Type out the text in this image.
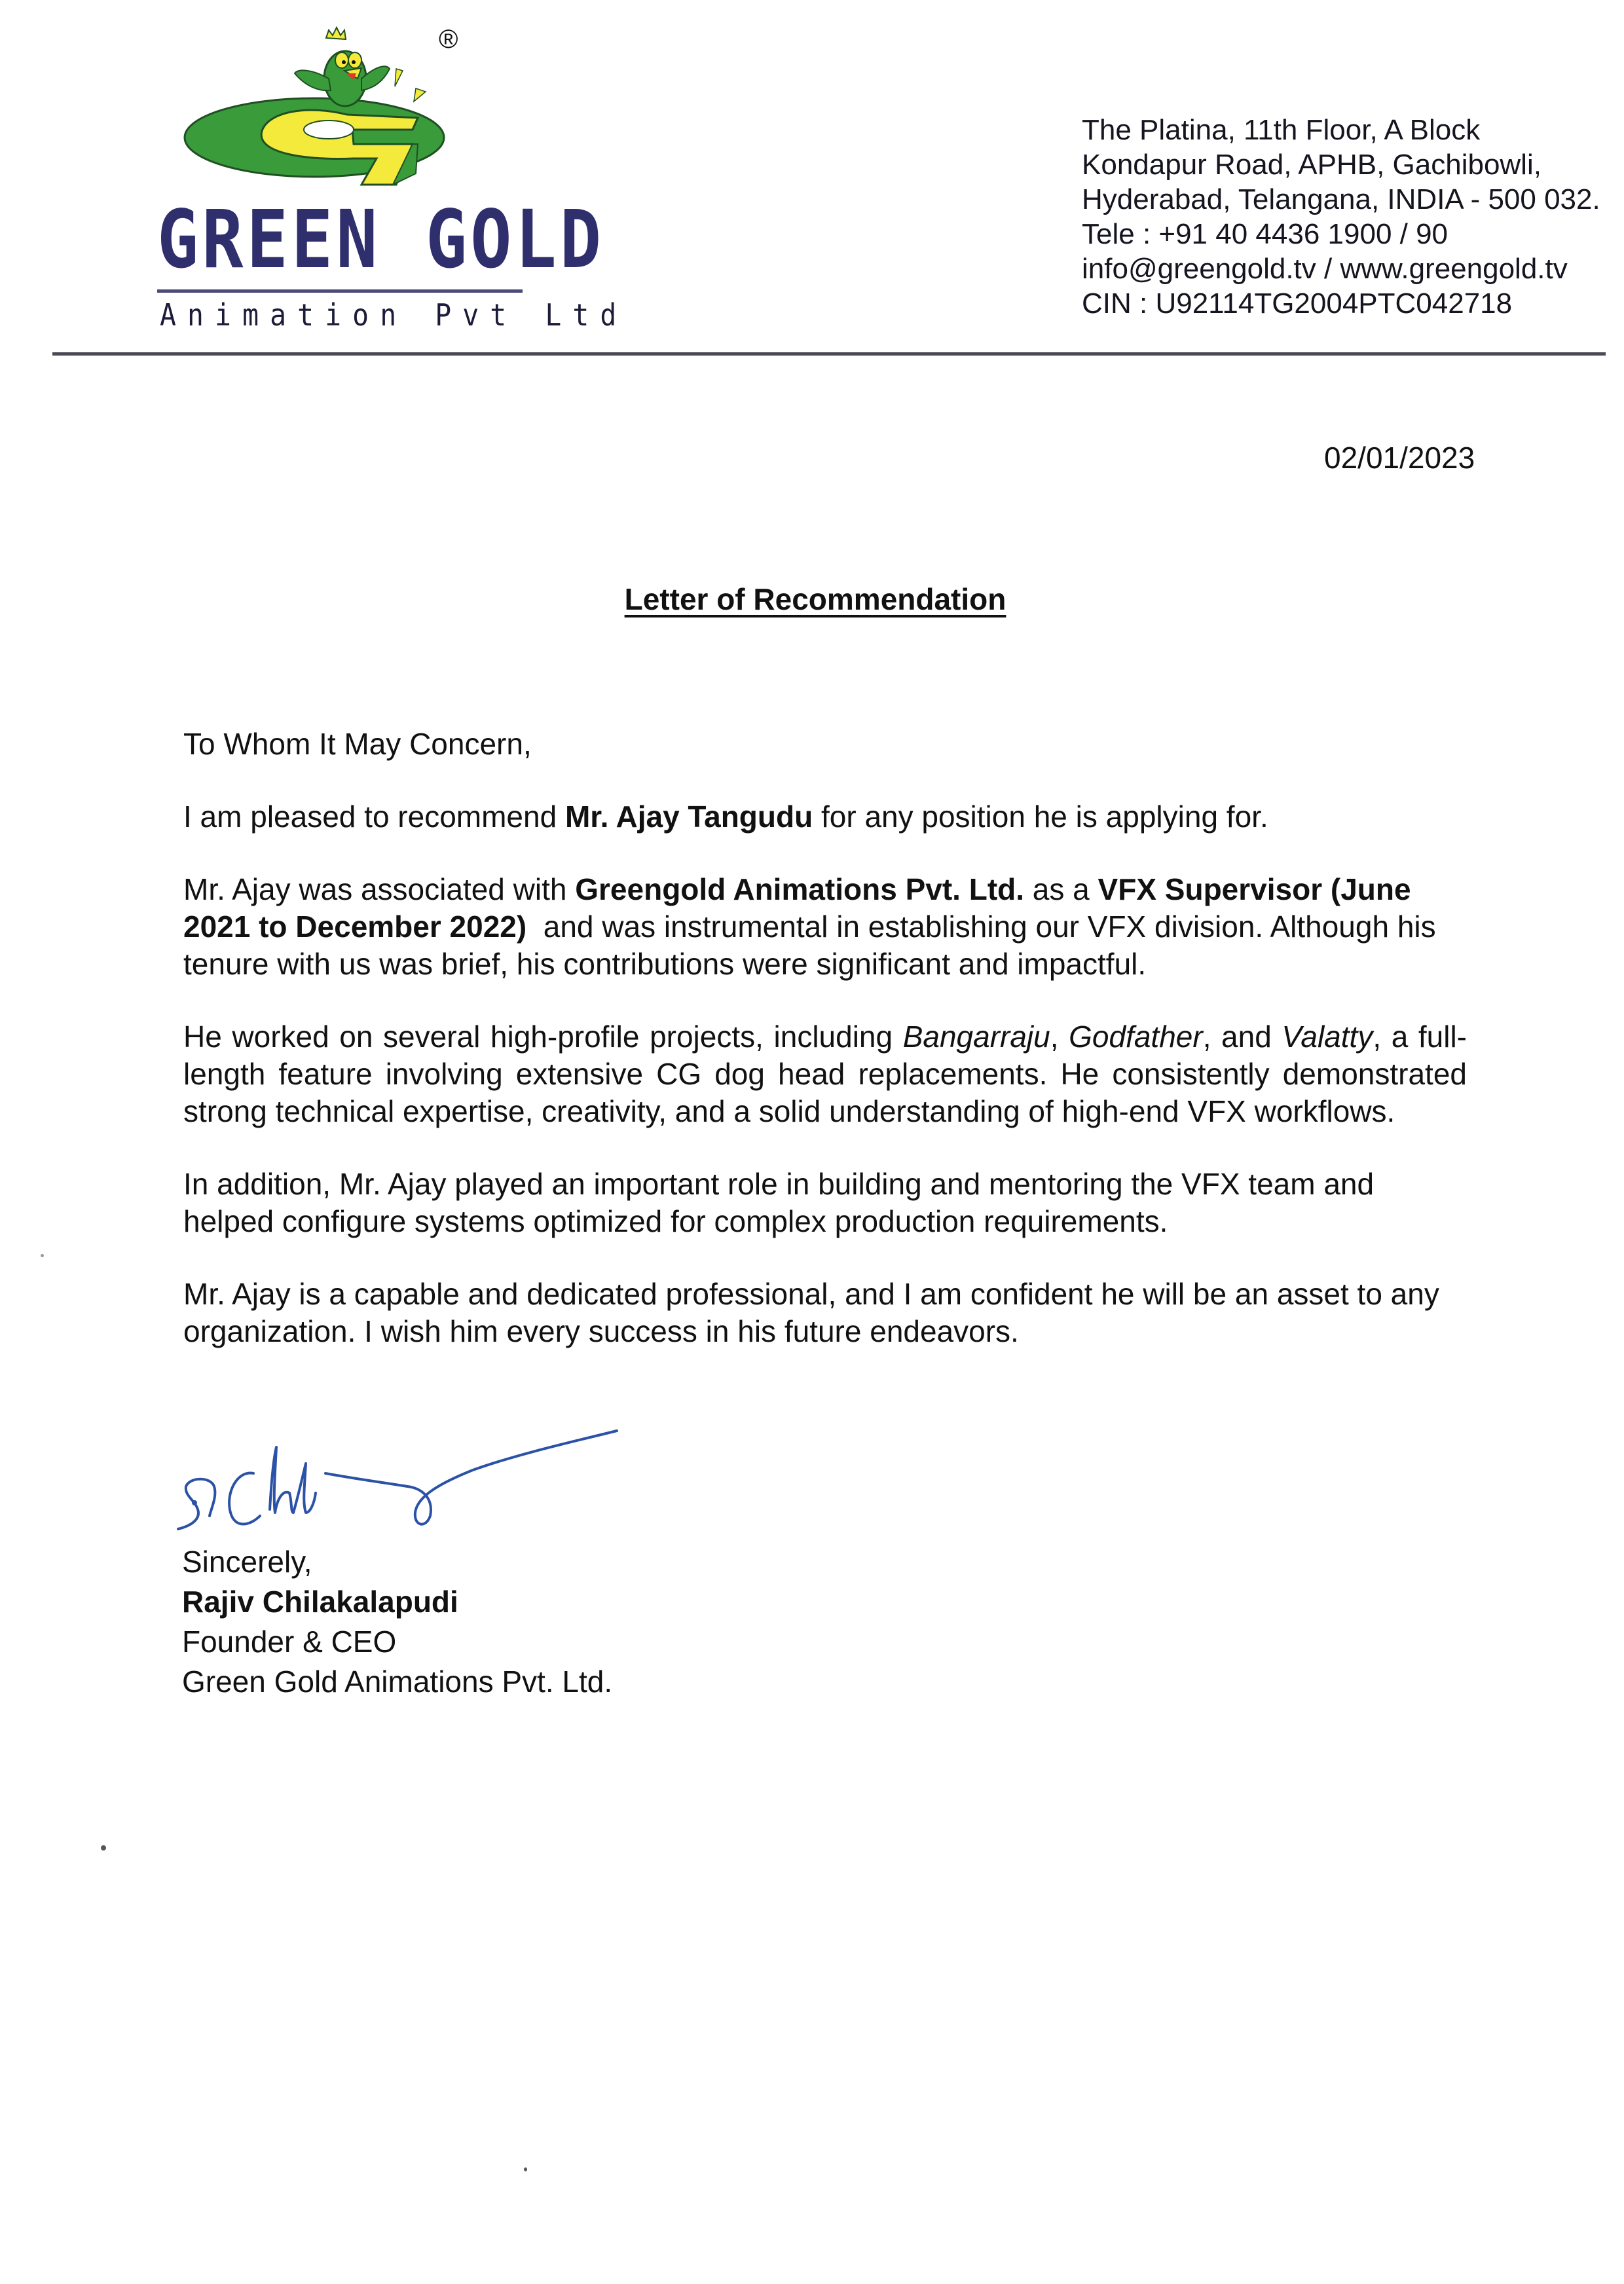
®
GREEN GOLD
Animation Pvt Ltd
The Platina, 11th Floor, A Block
Kondapur Road, APHB, Gachibowli,
Hyderabad, Telangana, INDIA - 500 032.
Tele : +91 40 4436 1900 / 90
info@greengold.tv / www.greengold.tv
CIN : U92114TG2004PTC042718
02/01/2023
Letter of Recommendation

To Whom It May Concern,

I am pleased to recommend Mr. Ajay Tangudu for any position he is applying for.

Mr. Ajay was associated with Greengold Animations Pvt. Ltd. as a VFX Supervisor (June 2021 to December 2022)  and was instrumental in establishing our VFX division. Although his tenure with us was brief, his contributions were significant and impactful.

He worked on several high-profile projects, including Bangarraju, Godfather, and Valatty, a full-length feature involving extensive CG dog head replacements. He consistently demonstrated strong technical expertise, creativity, and a solid understanding of high-end VFX workflows.

In addition, Mr. Ajay played an important role in building and mentoring the VFX team and helped configure systems optimized for complex production requirements.

Mr. Ajay is a capable and dedicated professional, and I am confident he will be an asset to any organization. I wish him every success in his future endeavors.

Sincerely,
Rajiv Chilakalapudi
Founder & CEO
Green Gold Animations Pvt. Ltd.
